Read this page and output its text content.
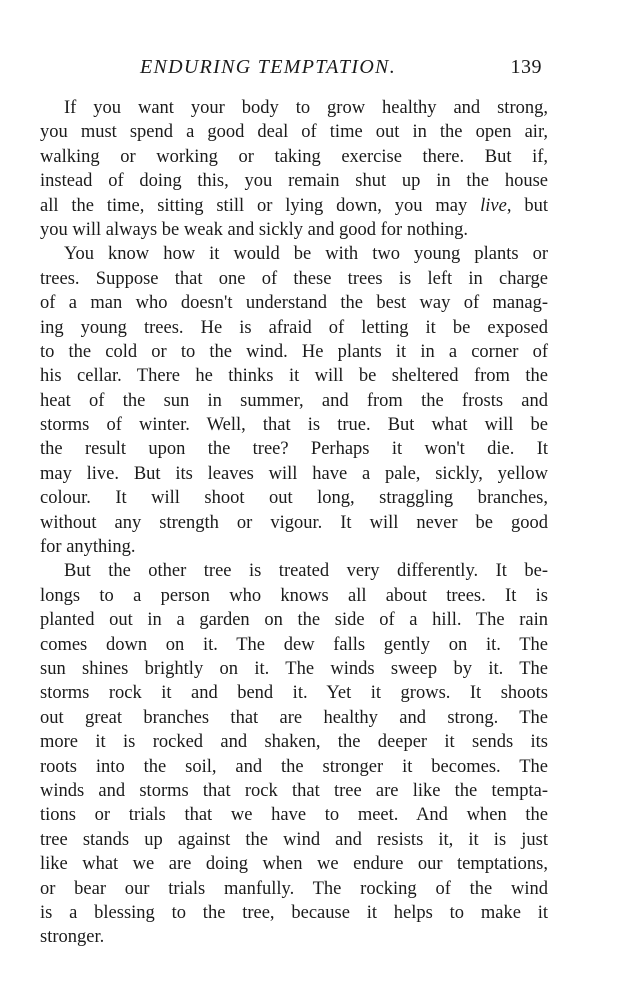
ENDURING TEMPTATION.	139
If you want your body to grow healthy and strong,
you must spend a good deal of time out in the open air,
walking or working or taking exercise there. But if,
instead of doing this, you remain shut up in the house
all the time, sitting still or lying down, you may live, but
you will always be weak and sickly and good for nothing.
You know how it would be with two young plants or
trees. Suppose that one of these trees is left in charge
of a man who doesn't understand the best way of manag-
ing young trees. He is afraid of letting it be exposed
to the cold or to the wind. He plants it in a corner of
his cellar. There he thinks it will be sheltered from the
heat of the sun in summer, and from the frosts and
storms of winter. Well, that is true. But what will be
the result upon the tree? Perhaps it won't die. It
may live. But its leaves will have a pale, sickly, yellow
colour. It will shoot out long, straggling branches,
without any strength or vigour. It will never be good
for anything.
But the other tree is treated very differently. It be-
longs to a person who knows all about trees. It is
planted out in a garden on the side of a hill. The rain
comes down on it. The dew falls gently on it. The
sun shines brightly on it. The winds sweep by it. The
storms rock it and bend it. Yet it grows. It shoots
out great branches that are healthy and strong. The
more it is rocked and shaken, the deeper it sends its
roots into the soil, and the stronger it becomes. The
winds and storms that rock that tree are like the tempta-
tions or trials that we have to meet. And when the
tree stands up against the wind and resists it, it is just
like what we are doing when we endure our temptations,
or bear our trials manfully. The rocking of the wind
is a blessing to the tree, because it helps to make it
stronger.
